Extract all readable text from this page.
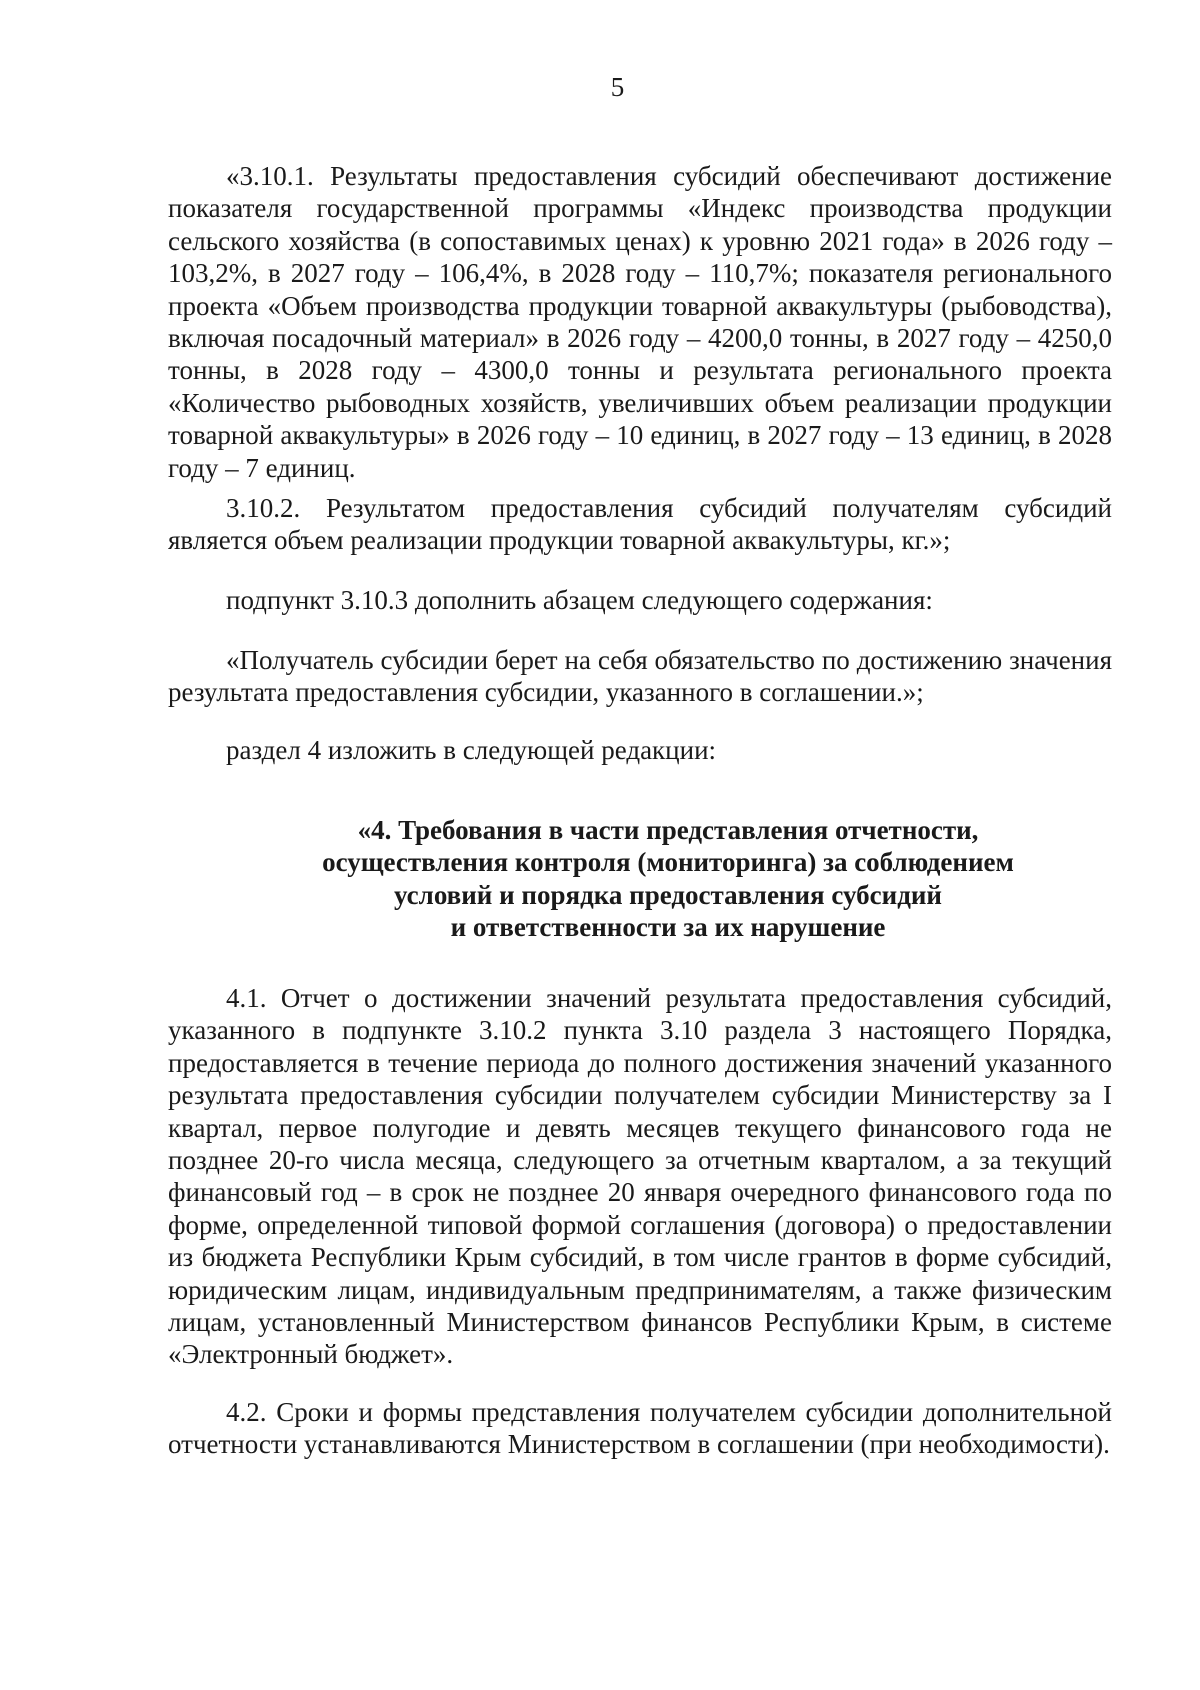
5

«3.10.1. Результаты предоставления субсидий обеспечивают достижение показателя государственной программы «Индекс производства продукции сельского хозяйства (в сопоставимых ценах) к уровню 2021 года» в 2026 году – 103,2%, в 2027 году – 106,4%, в 2028 году – 110,7%; показателя регионального проекта «Объем производства продукции товарной аквакультуры (рыбоводства), включая посадочный материал» в 2026 году – 4200,0 тонны, в 2027 году – 4250,0 тонны, в 2028 году – 4300,0 тонны и результата регионального проекта «Количество рыбоводных хозяйств, увеличивших объем реализации продукции товарной аквакультуры» в 2026 году – 10 единиц, в 2027 году – 13 единиц, в 2028 году – 7 единиц.

3.10.2. Результатом предоставления субсидий получателям субсидий является объем реализации продукции товарной аквакультуры, кг.»;

подпункт 3.10.3 дополнить абзацем следующего содержания:

«Получатель субсидии берет на себя обязательство по достижению значения результата предоставления субсидии, указанного в соглашении.»;

раздел 4 изложить в следующей редакции:

«4. Требования в части представления отчетности,
осуществления контроля (мониторинга) за соблюдением
условий и порядка предоставления субсидий
и ответственности за их нарушение

4.1. Отчет о достижении значений результата предоставления субсидий, указанного в подпункте 3.10.2 пункта 3.10 раздела 3 настоящего Порядка, предоставляется в течение периода до полного достижения значений указанного результата предоставления субсидии получателем субсидии Министерству за I квартал, первое полугодие и девять месяцев текущего финансового года не позднее 20-го числа месяца, следующего за отчетным кварталом, а за текущий финансовый год – в срок не позднее 20 января очередного финансового года по форме, определенной типовой формой соглашения (договора) о предоставлении из бюджета Республики Крым субсидий, в том числе грантов в форме субсидий, юридическим лицам, индивидуальным предпринимателям, а также физическим лицам, установленный Министерством финансов Республики Крым, в системе «Электронный бюджет».

4.2. Сроки и формы представления получателем субсидии дополнительной отчетности устанавливаются Министерством в соглашении (при необходимости).
